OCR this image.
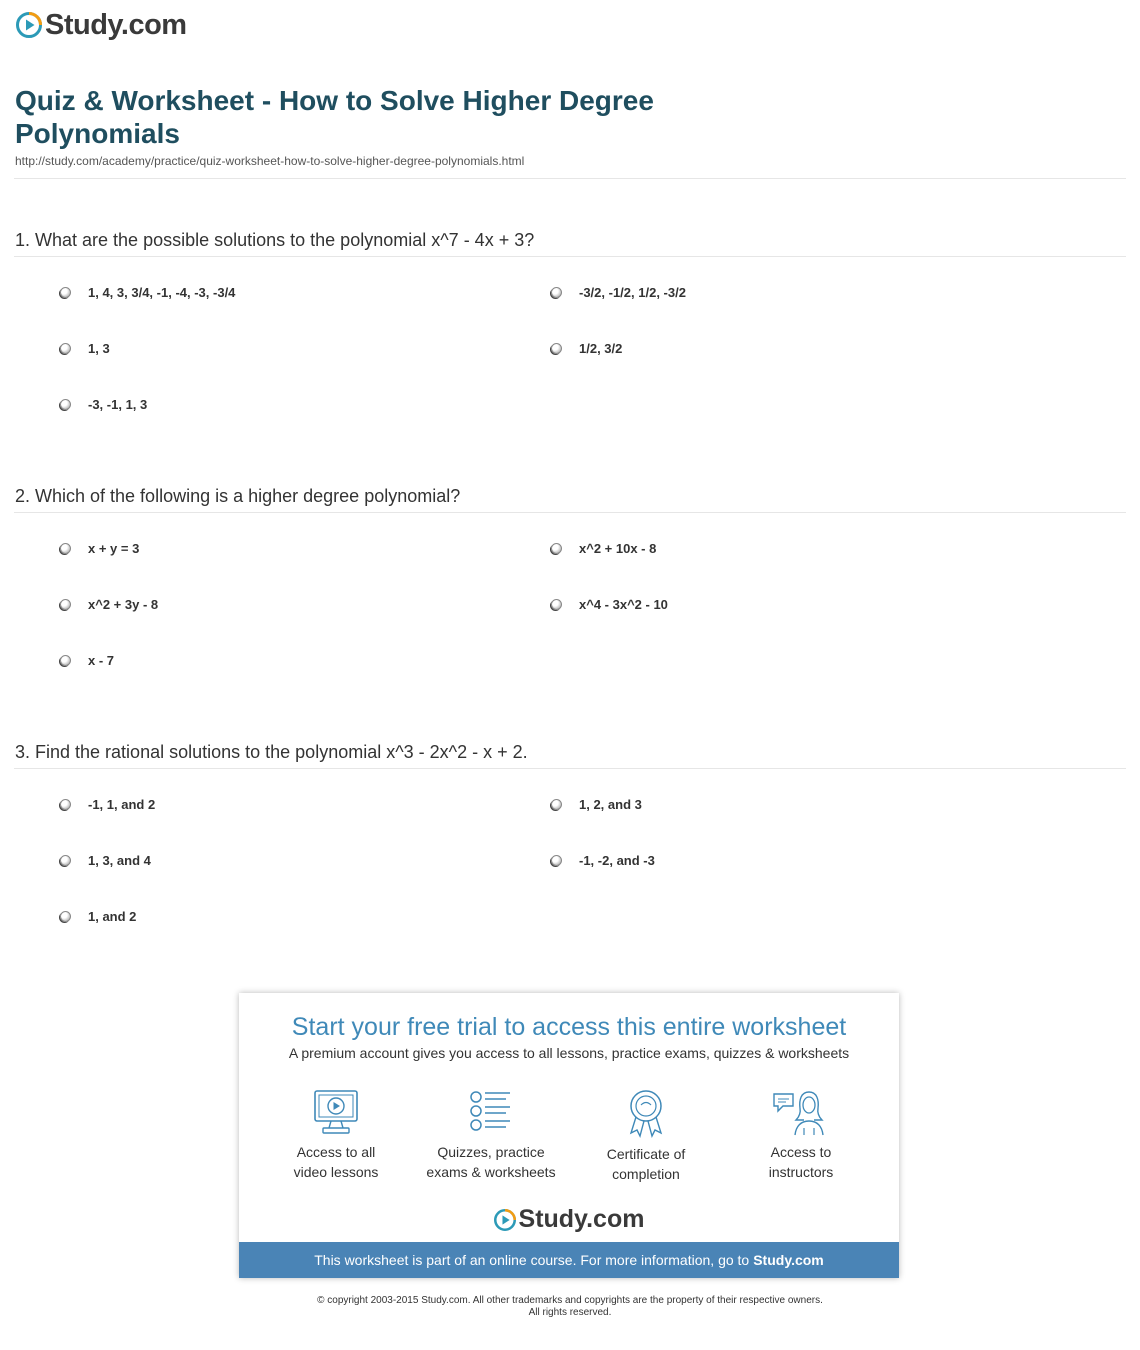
Study.com
Quiz & Worksheet - How to Solve Higher Degree Polynomials
http://study.com/academy/practice/quiz-worksheet-how-to-solve-higher-degree-polynomials.html
1. What are the possible solutions to the polynomial x^7 - 4x + 3?
1, 4, 3, 3/4, -1, -4, -3, -3/4	-3/2, -1/2, 1/2, -3/2
1, 3	1/2, 3/2
-3, -1, 1, 3
2. Which of the following is a higher degree polynomial?
x + y = 3	x^2 + 10x - 8
x^2 + 3y - 8	x^4 - 3x^2 - 10
x - 7
3. Find the rational solutions to the polynomial x^3 - 2x^2 - x + 2.
-1, 1, and 2	1, 2, and 3
1, 3, and 4	-1, -2, and -3
1, and 2
Start your free trial to access this entire worksheet
A premium account gives you access to all lessons, practice exams, quizzes & worksheets
Access to all
video lessons
Quizzes, practice
exams & worksheets
Certificate of
completion
Access to
instructors
Study.com
This worksheet is part of an online course. For more information, go to Study.com
© copyright 2003-2015 Study.com. All other trademarks and copyrights are the property of their respective owners.
All rights reserved.
